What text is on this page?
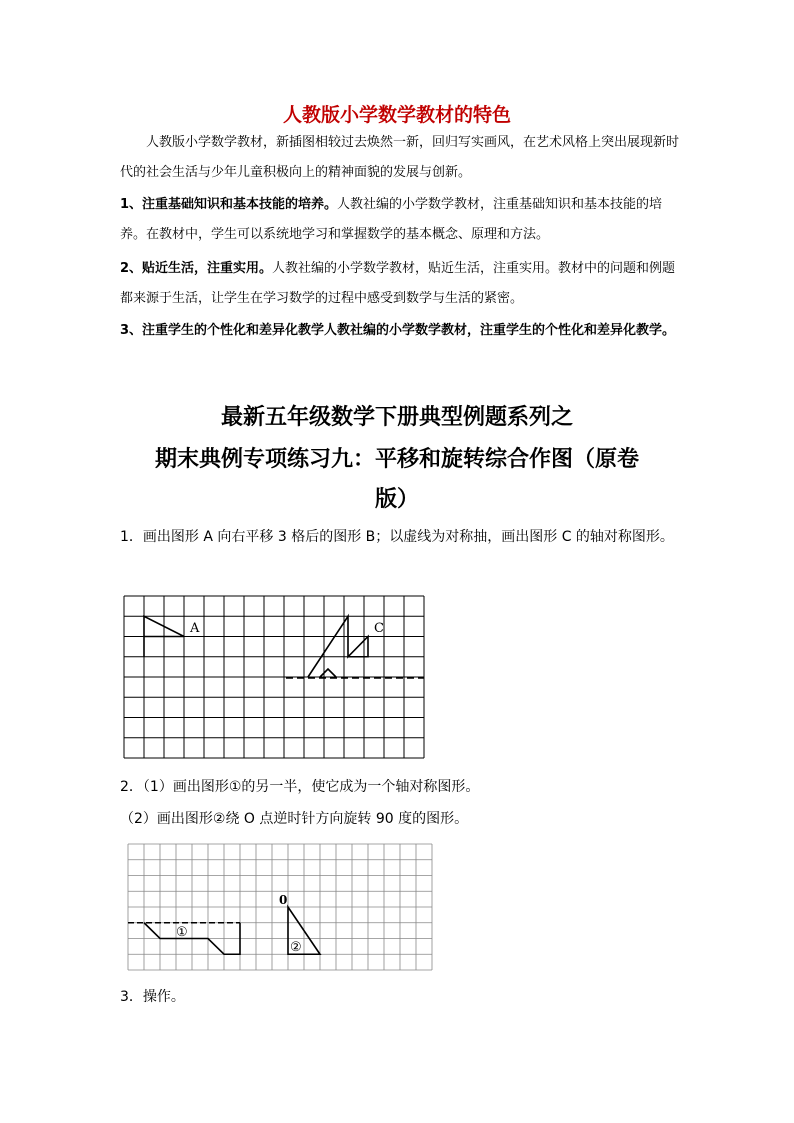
人教版小学数学教材的特色
人教版小学数学教材，新插图相较过去焕然一新，回归写实画风，在艺术风格上突出展现新时代的社会生活与少年儿童积极向上的精神面貌的发展与创新。
1、注重基础知识和基本技能的培养。人教社编的小学数学教材，注重基础知识和基本技能的培养。在教材中，学生可以系统地学习和掌握数学的基本概念、原理和方法。
2、贴近生活，注重实用。人教社编的小学数学教材，贴近生活，注重实用。教材中的问题和例题都来源于生活，让学生在学习数学的过程中感受到数学与生活的紧密。
3、注重学生的个性化和差异化教学人教社编的小学数学教材，注重学生的个性化和差异化教学。
最新五年级数学下册典型例题系列之
期末典例专项练习九：平移和旋转综合作图（原卷
版）
1．画出图形 A 向右平移 3 格后的图形 B；以虚线为对称抽，画出图形 C 的轴对称图形。
A	C
2．（1）画出图形①的另一半，使它成为一个轴对称图形。
（2）画出图形②绕 O 点逆时针方向旋转 90 度的图形。
①
0
②
3．操作。
